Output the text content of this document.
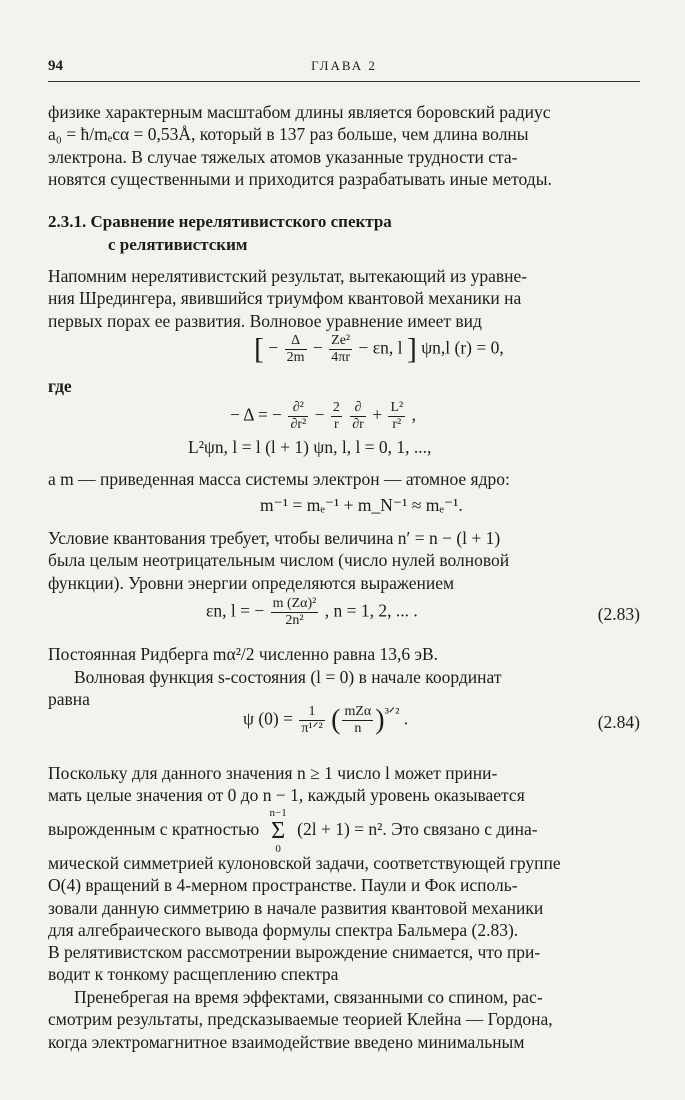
94	ГЛАВА 2
физике характерным масштабом длины является боровский радиус
a₀ = ħ/mₑcα = 0,53Å, который в 137 раз больше, чем длина волны
электрона. В случае тяжелых атомов указанные трудности ста-
новятся существенными и приходится разрабатывать иные методы.
2.3.1. Сравнение нерелятивистского спектра
с релятивистским
Напомним нерелятивистский результат, вытекающий из уравне-
ния Шредингера, явившийся триумфом квантовой механики на
первых порах ее развития. Волновое уравнение имеет вид
[ − $\frac{\Delta}{2m} - \frac{\text{Ze²}}{4\pi r} - \varepsilon n$, l ] ψn,l (r) = 0,
где
− Δ = − $\frac{\text{∂²}}{\text{∂r²}} - \frac{2}{r}$
$\frac{\partial}{\partial r} + \frac{\text{L²}}{\text{r²}}$ ,
L²ψn, l = l (l + 1) ψn, l, l = 0, 1, ...,
а m — приведенная масса системы электрон — атомное ядро:
m⁻¹ = mₑ⁻¹ + m_N⁻¹ ≈ mₑ⁻¹.
Условие квантования требует, чтобы величина n′ = n − (l + 1)
была целым неотрицательным числом (число нулей волновой
функции). Уровни энергии определяются выражением
εn, l = − $\frac{\text{m (Zα)²}}{\text{2n²}}$ , n = 1, 2, ... .	(2.83)
Постоянная Ридберга mα²/2 численно равна 13,6 эВ.
Волновая функция s-состояния (l = 0) в начале координат
равна
ψ $(0) = \frac{1}{\text{π¹ᐟ²}}$ ( $\frac{\text{mZα}}{n} )^{^3ᐟ^2}$ .	(2.84)
Поскольку для данного значения n ≥ 1 число l может прини-
мать целые значения от 0 до n − 1, каждый уровень оказывается
вырожденным с кратностью
n−1
Σ
0
(2l + 1) = n². Это связано с дина-
мической симметрией кулоновской задачи, соответствующей группе
O(4) вращений в 4-мерном пространстве. Паули и Фок исполь-
зовали данную симметрию в начале развития квантовой механики
для алгебраического вывода формулы спектра Бальмера (2.83).
В релятивистском рассмотрении вырождение снимается, что при-
водит к тонкому расщеплению спектра
Пренебрегая на время эффектами, связанными со спином, рас-
смотрим результаты, предсказываемые теорией Клейна — Гордона,
когда электромагнитное взаимодействие введено минимальным
